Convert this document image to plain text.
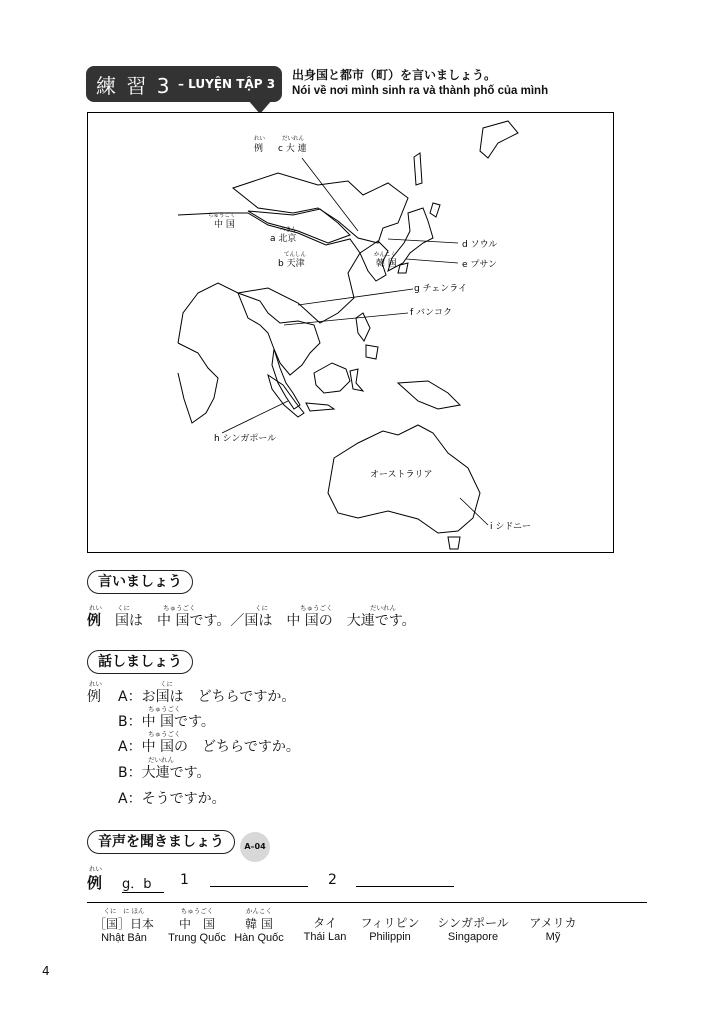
練 習 3 – LUYỆN TẬP 3
出身国と都市（町）を言いましょう。
Nói về nơi mình sinh ra và thành phố của mình
れい
例
だいれん
c 大 連
ちゅうごく
中 国	ぺきん
a 北京
てんしん
b 天津
かんこく
韓 国
d ソウル
e プサン
g チェンライ
f バンコク
h シンガポール
オーストラリア
i シドニー
言いましょう
れい
例
くに	ちゅうごく	くに	ちゅうごく	だいれん
国は　中 国です。／国は　中 国の　大連です。
話しましょう
れい
例
くに
A：お国は　どちらですか。
ちゅうごく
B：中 国です。
ちゅうごく
A：中 国の　どちらですか。
だいれん
B：大連です。
A：そうですか。
音声を聞きましょう	A–04
れい
例 g．b	1	2
くに　に ほん
［国］日本
Nhật Bản
ちゅうごく
中　国
Trung Quốc
かんこく
韓 国
Hàn Quốc
タイ
Thái Lan
フィリピン
Philippin
シンガポール
Singapore
アメリカ
Mỹ
4
